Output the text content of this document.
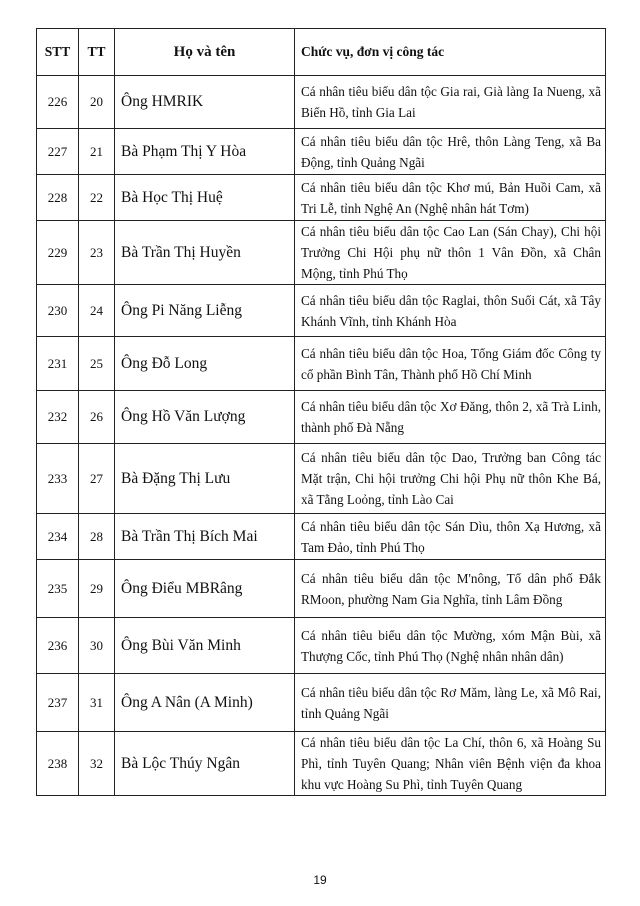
STT	TT	Họ và tên	Chức vụ, đơn vị công tác
226	20	Ông HMRIK	Cá nhân tiêu biểu dân tộc Gia rai, Già làng Ia Nueng, xã Biển Hồ, tỉnh Gia Lai
227	21	Bà Phạm Thị Y Hòa	Cá nhân tiêu biểu dân tộc Hrê, thôn Làng Teng, xã Ba Động, tỉnh Quảng Ngãi
228	22	Bà Học Thị Huệ	Cá nhân tiêu biểu dân tộc Khơ mú, Bản Huồi Cam, xã Tri Lễ, tỉnh Nghệ An (Nghệ nhân hát Tơm)
229	23	Bà Trần Thị Huyền	Cá nhân tiêu biểu dân tộc Cao Lan (Sán Chay), Chi hội Trưởng Chi Hội phụ nữ thôn 1 Vân Đồn, xã Chân Mộng, tỉnh Phú Thọ
230	24	Ông Pi Năng Liễng	Cá nhân tiêu biểu dân tộc Raglai, thôn Suối Cát, xã Tây Khánh Vĩnh, tỉnh Khánh Hòa
231	25	Ông Đỗ Long	Cá nhân tiêu biểu dân tộc Hoa, Tổng Giám đốc Công ty cổ phần Bình Tân, Thành phố Hồ Chí Minh
232	26	Ông Hồ Văn Lượng	Cá nhân tiêu biểu dân tộc Xơ Đăng, thôn 2, xã Trà Linh, thành phố Đà Nẵng
233	27	Bà Đặng Thị Lưu	Cá nhân tiêu biểu dân tộc Dao, Trưởng ban Công tác Mặt trận, Chi hội trưởng Chi hội Phụ nữ thôn Khe Bá, xã Tằng Loỏng, tỉnh Lào Cai
234	28	Bà Trần Thị Bích Mai	Cá nhân tiêu biểu dân tộc Sán Dìu, thôn Xạ Hương, xã Tam Đảo, tỉnh Phú Thọ
235	29	Ông Điểu MBRâng	Cá nhân tiêu biểu dân tộc M'nông, Tổ dân phố Đắk RMoon, phường Nam Gia Nghĩa, tỉnh Lâm Đồng
236	30	Ông Bùi Văn Minh	Cá nhân tiêu biểu dân tộc Mường, xóm Mận Bùi, xã Thượng Cốc, tỉnh Phú Thọ (Nghệ nhân nhân dân)
237	31	Ông A Nân (A Minh)	Cá nhân tiêu biểu dân tộc Rơ Măm, làng Le, xã Mô Rai, tỉnh Quảng Ngãi
238	32	Bà Lộc Thúy Ngân	Cá nhân tiêu biểu dân tộc La Chí, thôn 6, xã Hoàng Su Phì, tỉnh Tuyên Quang; Nhân viên Bệnh viện đa khoa khu vực Hoàng Su Phì, tỉnh Tuyên Quang
19
